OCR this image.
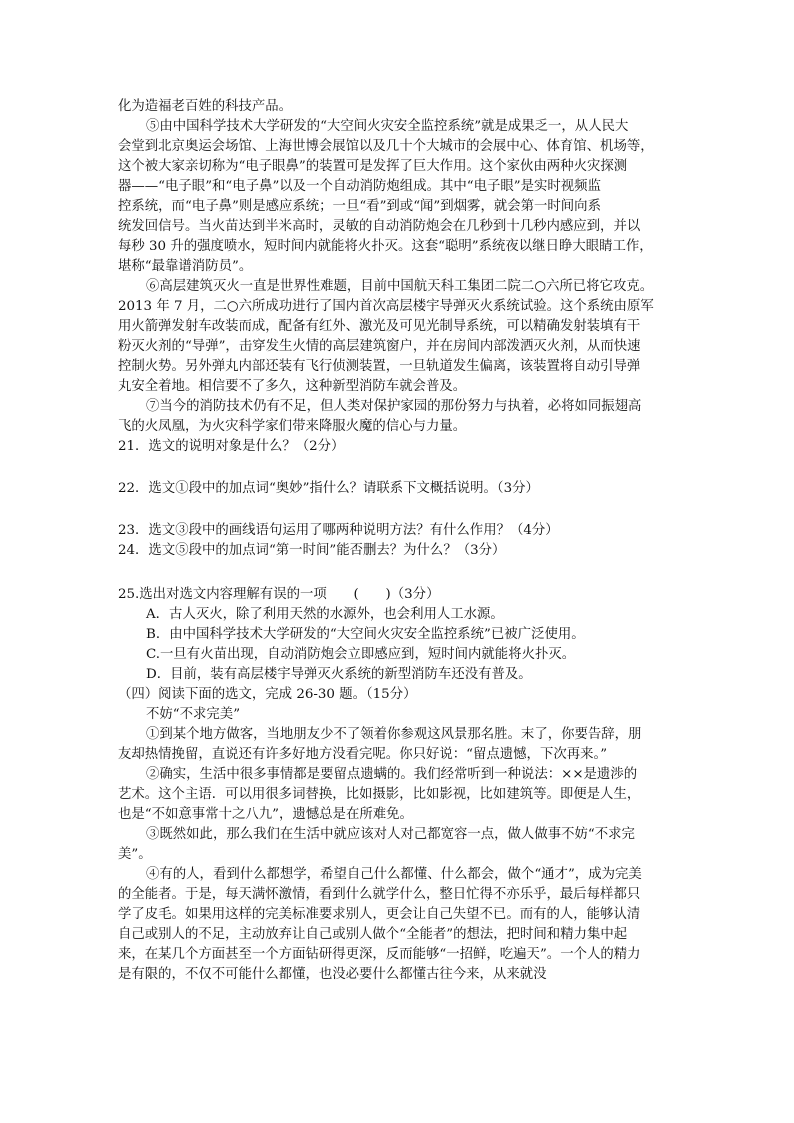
化为造福老百姓的科技产品。
⑤由中国科学技术大学研发的“大空间火灾安全监控系统”就是成果乏一，从人民大
会堂到北京奥运会场馆、上海世博会展馆以及几十个大城市的会展中心、体育馆、机场等，
这个被大家亲切称为“电子眼鼻”的装置可是发挥了巨大作用。这个家伙由两种火灾探测
器——“电子眼”和“电子鼻”以及一个自动消防炮组成。其中“电子眼”是实时视频监
控系统，而“电子鼻”则是感应系统；一旦“看”到或“闻”到烟雾，就会第一时间向系
统发回信号。当火苗达到半米高时，灵敏的自动消防炮会在几秒到十几秒内感应到，并以
每秒 30 升的强度喷水，短时间内就能将火扑灭。这套“聪明”系统夜以继日睁大眼睛工作，
堪称“最靠谱消防员”。
⑥高层建筑灭火一直是世界性难题，目前中国航天科工集团二院二○六所已将它攻克。
2013 年 7 月，二○六所成功进行了国内首次高层楼宇导弹灭火系统试验。这个系统由原军
用火箭弹发射车改装而成，配备有红外、激光及可见光制导系统，可以精确发射装填有干
粉灭火剂的“导弹”，击穿发生火情的高层建筑窗户，并在房间内部泼洒灭火剂，从而快速
控制火势。另外弹丸内部还装有飞行侦测装置，一旦轨道发生偏离，该装置将自动引导弹
丸安全着地。相信要不了多久，这种新型消防车就会普及。
⑦当今的消防技术仍有不足，但人类对保护家园的那份努力与执着，必将如同振翅高
飞的火凤凰，为火灾科学家们带来降服火魔的信心与力量。
21．选文的说明对象是什么？（2分）
22．选文①段中的加点词“奥妙”指什么？请联系下文概括说明。（3分）
23．选文③段中的画线语句运用了哪两种说明方法？有什么作用？（4分）
24．选文⑤段中的加点词“第一时间”能否删去？为什么？（3分）
25.选出对选文内容理解有误的一项　　(　　)（3分）
A．古人灭火，除了利用天然的水源外，也会利用人工水源。
B．由中国科学技术大学研发的“大空间火灾安全监控系统”已被广泛使用。
C.一旦有火苗出现，自动消防炮会立即感应到，短时间内就能将火扑灭。
D．目前，装有高层楼宇导弹灭火系统的新型消防车还没有普及。
（四）阅读下面的选文，完成 26-30 题。（15分）
不妨“不求完美”
①到某个地方做客，当地朋友少不了领着你参观这风景那名胜。末了，你要告辞，朋
友却热情挽留，直说还有许多好地方没看完呢。你只好说：“留点遗憾，下次再来。”
②确实，生活中很多事情都是要留点遗螨的。我们经常听到一种说法：××是遗渉的
艺术。这个主语．可以用很多词替换，比如摄影，比如影视，比如建筑等。即便是人生，
也是“不如意事常十之八九”，遗憾总是在所难免。
③既然如此，那么我们在生活中就应该对人对己都宽容一点，做人做事不妨“不求完
美”。
④有的人，看到什么都想学，希望自己什么都懂、什么都会，做个“通才”，成为完美
的全能者。于是，每天满怀激情，看到什么就学什么，整日忙得不亦乐乎，最后每样都只
学了皮毛。如果用这样的完美标准要求别人，更会让自己失望不已。而有的人，能够认清
自己或别人的不足，主动放弃让自己或别人做个“全能者”的想法，把时间和精力集中起
来，在某几个方面甚至一个方面钻研得更深，反而能够“一招鲜，吃遍天”。一个人的精力
是有限的，不仅不可能什么都懂，也没必要什么都懂古往今来，从来就没
